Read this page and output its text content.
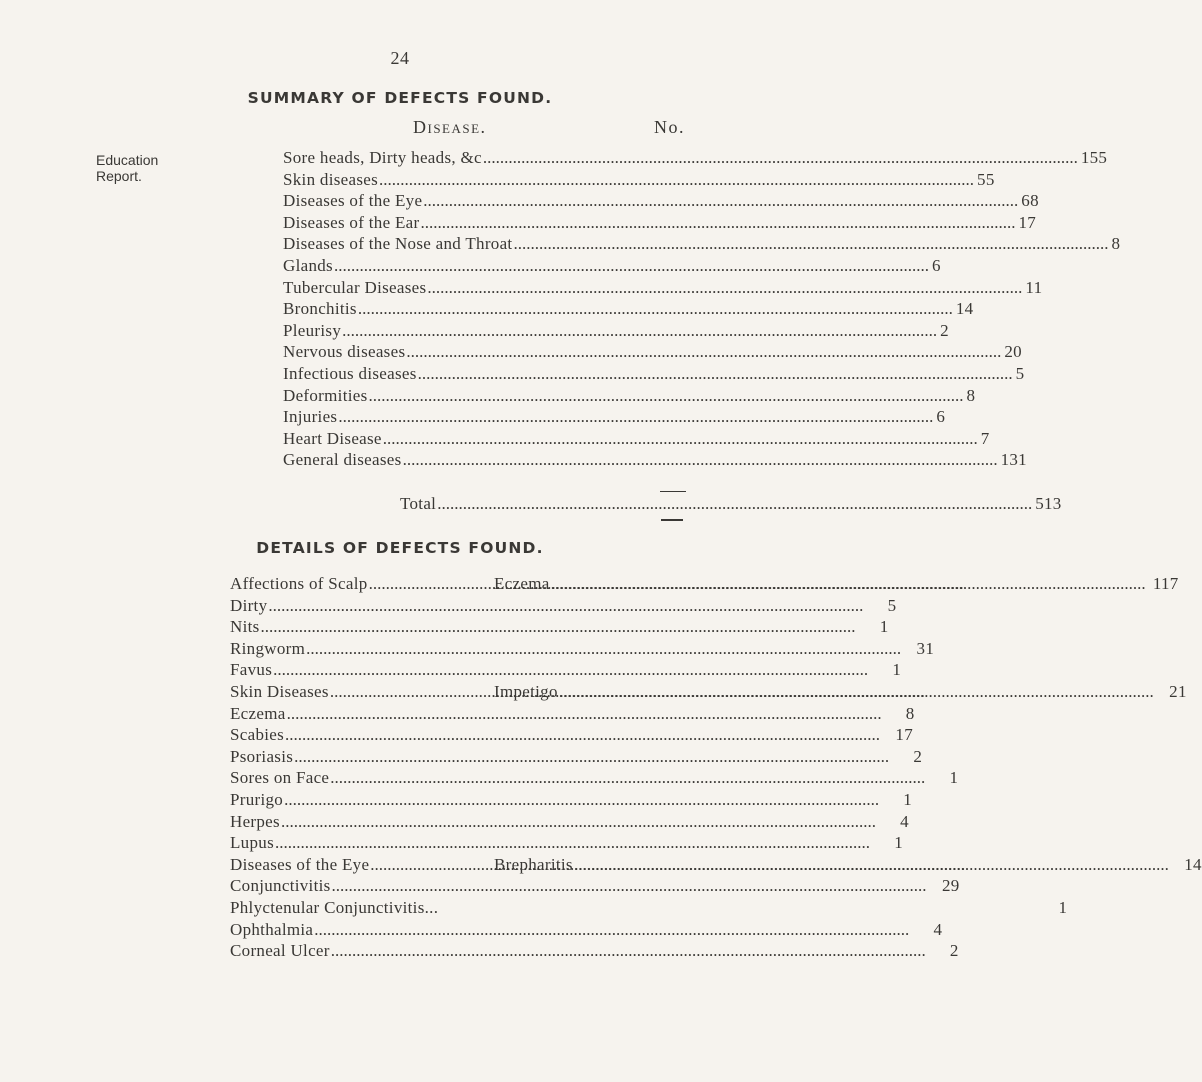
24
Education
Report.
SUMMARY OF DEFECTS FOUND.
Disease.	No.
Sore heads, Dirty heads, &c .....	155
Skin diseases .....	55
Diseases of the Eye .....	68
Diseases of the Ear .....	17
Diseases of the Nose and Throat .....	8
Glands .....	6
Tubercular Diseases .....	11
Bronchitis .....	14
Pleurisy .....	2
Nervous diseases .....	20
Infectious diseases .....	5
Deformities .....	8
Injuries .....	6
Heart Disease .....	7
General diseases .....	131
Total .....	513
DETAILS OF DEFECTS FOUND.
Affections of Scalp .....	Eczema .....	117
Dirty .....	5
Nits .....	1
Ringworm .....	31
Favus .....	1
Skin Diseases .....	Impetigo .....	21
Eczema .....	8
Scabies .....	17
Psoriasis .....	2
Sores on Face .....	1
Prurigo .....	1
Herpes .....	4
Lupus .....	1
Diseases of the Eye .....	Brepharitis .....	14
Conjunctivitis .....	29
Phlyctenular Conjunctivitis...	1
Ophthalmia .....	4
Corneal Ulcer .....	2
